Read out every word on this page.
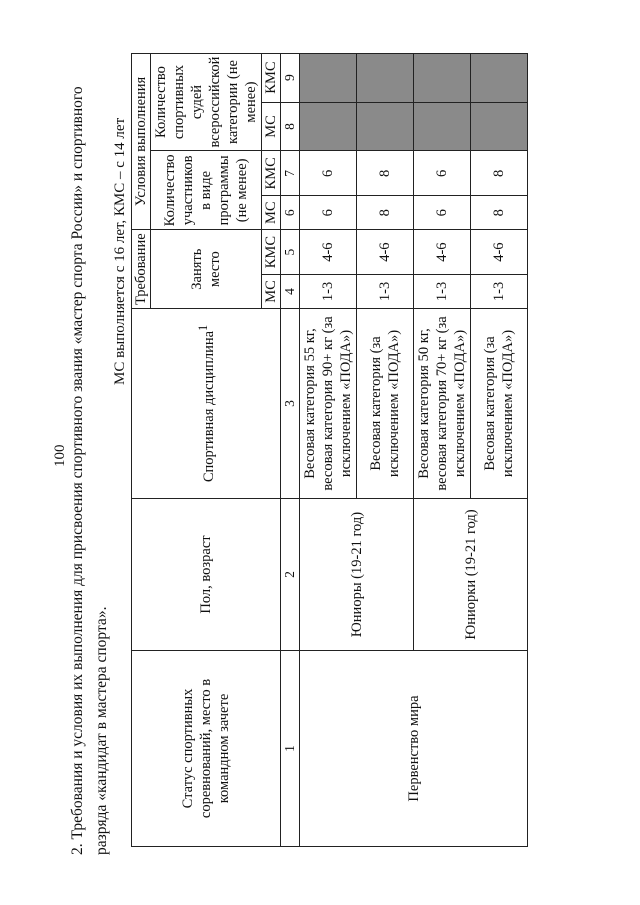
100 2. Требования и условия их выполнения для присвоения спортивного звания «мастер спорта России» и спортивного разряда «кандидат в мастера спорта».
МС выполняется с 16 лет, КМС – с 14 лет
Статус спортивных соревнований, место в командном зачете	Пол, возраст	Спортивная дисциплина$^1$	Требование		Условия выполнения			
			Занять место		Количество участников в виде программы (не менее)		Количество спортивных судей всероссийской категории (не менее)	
			МС	КМС	МС	КМС	МС	КМС
1	2	3	4	5	6	7	8	9
Первенство мира	Юниоры (19-21 год)	Весовая категория 55 кг, весовая категория 90+ кг (за исключением «ПОДА»)	1-3	4-6	6	6		
		Весовая категория (за исключением «ПОДА»)	1-3	4-6	8	8		
	Юниорки (19-21 год)	Весовая категория 50 кг, весовая категория 70+ кг (за исключением «ПОДА»)	1-3	4-6	6	6		
		Весовая категория (за исключением «ПОДА»)	1-3	4-6	8	8		
